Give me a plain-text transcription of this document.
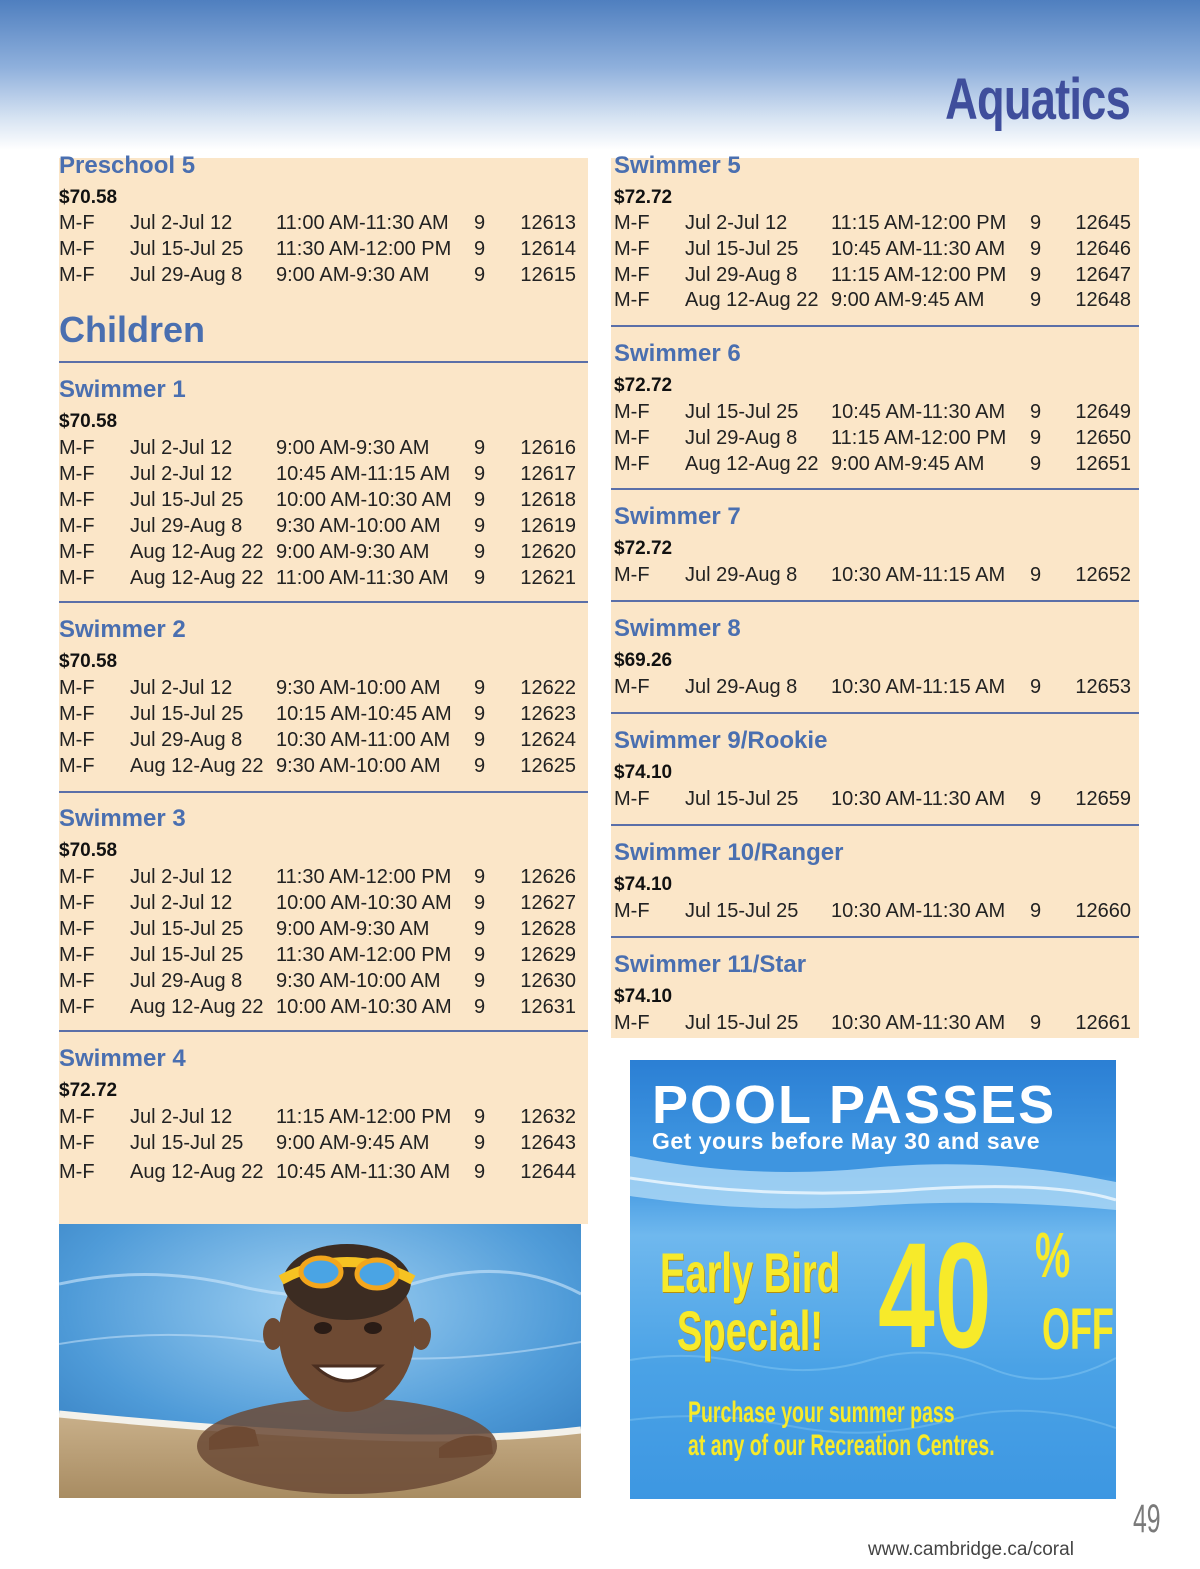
Aquatics
Preschool 5
$70.58
M-F Jul 2-Jul 12 11:00 AM-11:30 AM 9 12613
M-F Jul 15-Jul 25 11:30 AM-12:00 PM 9 12614
M-F Jul 29-Aug 8 9:00 AM-9:30 AM 9 12615
Children
Swimmer 1
$70.58
M-F Jul 2-Jul 12 9:00 AM-9:30 AM 9 12616
M-F Jul 2-Jul 12 10:45 AM-11:15 AM 9 12617
M-F Jul 15-Jul 25 10:00 AM-10:30 AM 9 12618
M-F Jul 29-Aug 8 9:30 AM-10:00 AM 9 12619
M-F Aug 12-Aug 22 9:00 AM-9:30 AM 9 12620
M-F Aug 12-Aug 22 11:00 AM-11:30 AM 9 12621
Swimmer 2
$70.58
M-F Jul 2-Jul 12 9:30 AM-10:00 AM 9 12622
M-F Jul 15-Jul 25 10:15 AM-10:45 AM 9 12623
M-F Jul 29-Aug 8 10:30 AM-11:00 AM 9 12624
M-F Aug 12-Aug 22 9:30 AM-10:00 AM 9 12625
Swimmer 3
$70.58
M-F Jul 2-Jul 12 11:30 AM-12:00 PM 9 12626
M-F Jul 2-Jul 12 10:00 AM-10:30 AM 9 12627
M-F Jul 15-Jul 25 9:00 AM-9:30 AM 9 12628
M-F Jul 15-Jul 25 11:30 AM-12:00 PM 9 12629
M-F Jul 29-Aug 8 9:30 AM-10:00 AM 9 12630
M-F Aug 12-Aug 22 10:00 AM-10:30 AM 9 12631
Swimmer 4
$72.72
M-F Jul 2-Jul 12 11:15 AM-12:00 PM 9 12632
M-F Jul 15-Jul 25 9:00 AM-9:45 AM 9 12643
M-F Aug 12-Aug 22 10:45 AM-11:30 AM 9 12644
Swimmer 5
$72.72
M-F Jul 2-Jul 12 11:15 AM-12:00 PM 9 12645
M-F Jul 15-Jul 25 10:45 AM-11:30 AM 9 12646
M-F Jul 29-Aug 8 11:15 AM-12:00 PM 9 12647
M-F Aug 12-Aug 22 9:00 AM-9:45 AM 9 12648
Swimmer 6
$72.72
M-F Jul 15-Jul 25 10:45 AM-11:30 AM 9 12649
M-F Jul 29-Aug 8 11:15 AM-12:00 PM 9 12650
M-F Aug 12-Aug 22 9:00 AM-9:45 AM 9 12651
Swimmer 7
$72.72
M-F Jul 29-Aug 8 10:30 AM-11:15 AM 9 12652
Swimmer 8
$69.26
M-F Jul 29-Aug 8 10:30 AM-11:15 AM 9 12653
Swimmer 9/Rookie
$74.10
M-F Jul 15-Jul 25 10:30 AM-11:30 AM 9 12659
Swimmer 10/Ranger
$74.10
M-F Jul 15-Jul 25 10:30 AM-11:30 AM 9 12660
Swimmer 11/Star
$74.10
M-F Jul 15-Jul 25 10:30 AM-11:30 AM 9 12661
POOL PASSES
Get yours before May 30 and save
Early Bird
Special! 40 %
OFF
Purchase your summer pass
at any of our Recreation Centres.
www.cambridge.ca/coral
49
